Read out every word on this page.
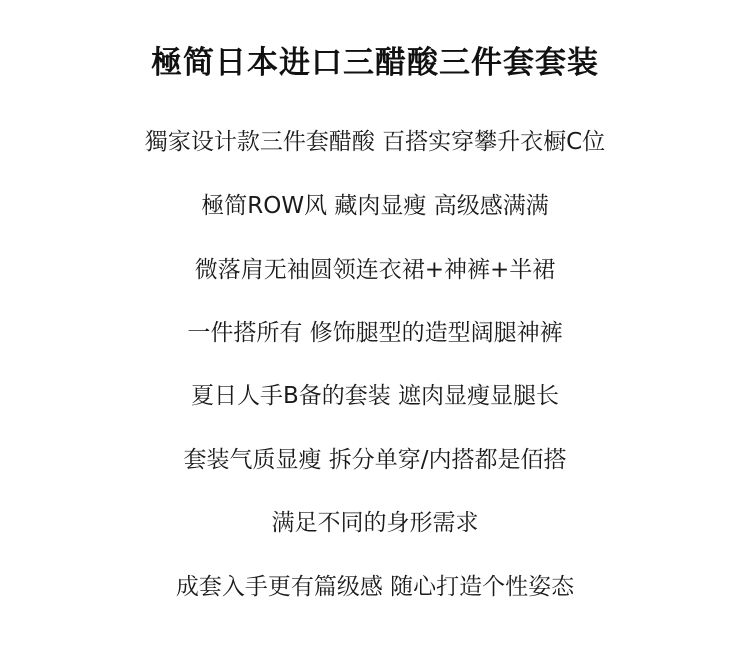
極简日本进口三醋酸三件套套装
獨家设计款三件套醋酸 百搭实穿攀升衣橱C位
極简ROW风 藏肉显瘦 高级感满满
微落肩无袖圆领连衣裙+神裤+半裙
一件搭所有 修饰腿型的造型阔腿神裤
夏日人手B备的套装 遮肉显瘦显腿长
套装气质显瘦 拆分单穿/内搭都是佰搭
满足不同的身形需求
成套入手更有篇级感 随心打造个性姿态
